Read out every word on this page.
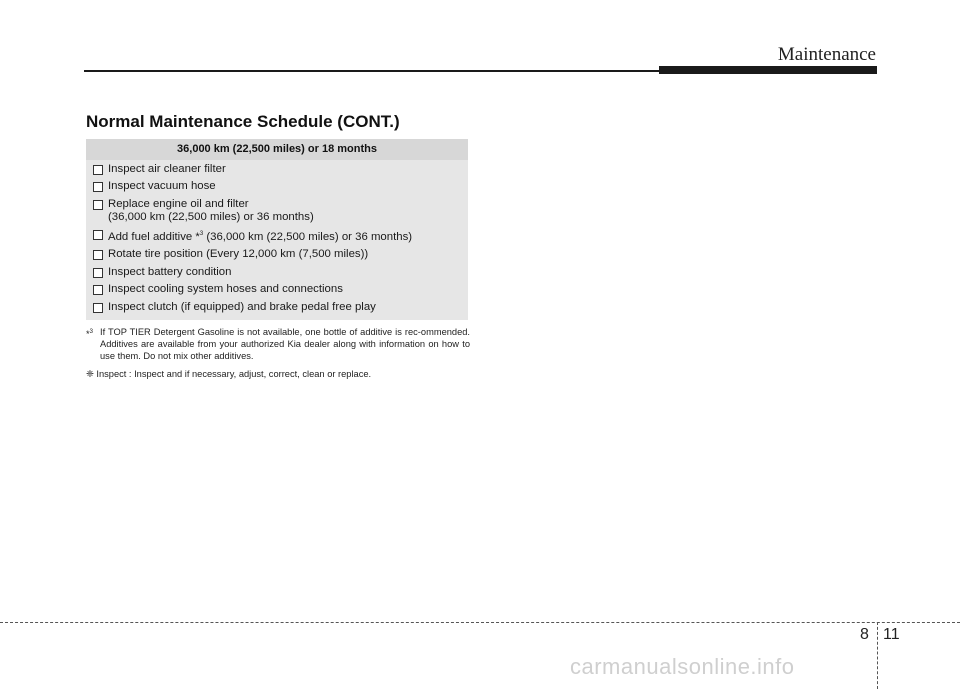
Maintenance
Normal Maintenance Schedule (CONT.)
36,000 km (22,500 miles) or 18 months
Inspect air cleaner filter
Inspect vacuum hose
Replace engine oil and filter
(36,000 km (22,500 miles) or 36 months)
Add fuel additive *$^3$ (36,000 km (22,500 miles) or 36 months)
Rotate tire position (Every 12,000 km (7,500 miles))
Inspect battery condition
Inspect cooling system hoses and connections
Inspect clutch (if equipped) and brake pedal free play
*$^3$ If TOP TIER Detergent Gasoline is not available, one bottle of additive is rec-ommended. Additives are available from your authorized Kia dealer along with information on how to use them. Do not mix other additives.
❈ Inspect : Inspect and if necessary, adjust, correct, clean or replace.
8 11
carmanualsonline.info
